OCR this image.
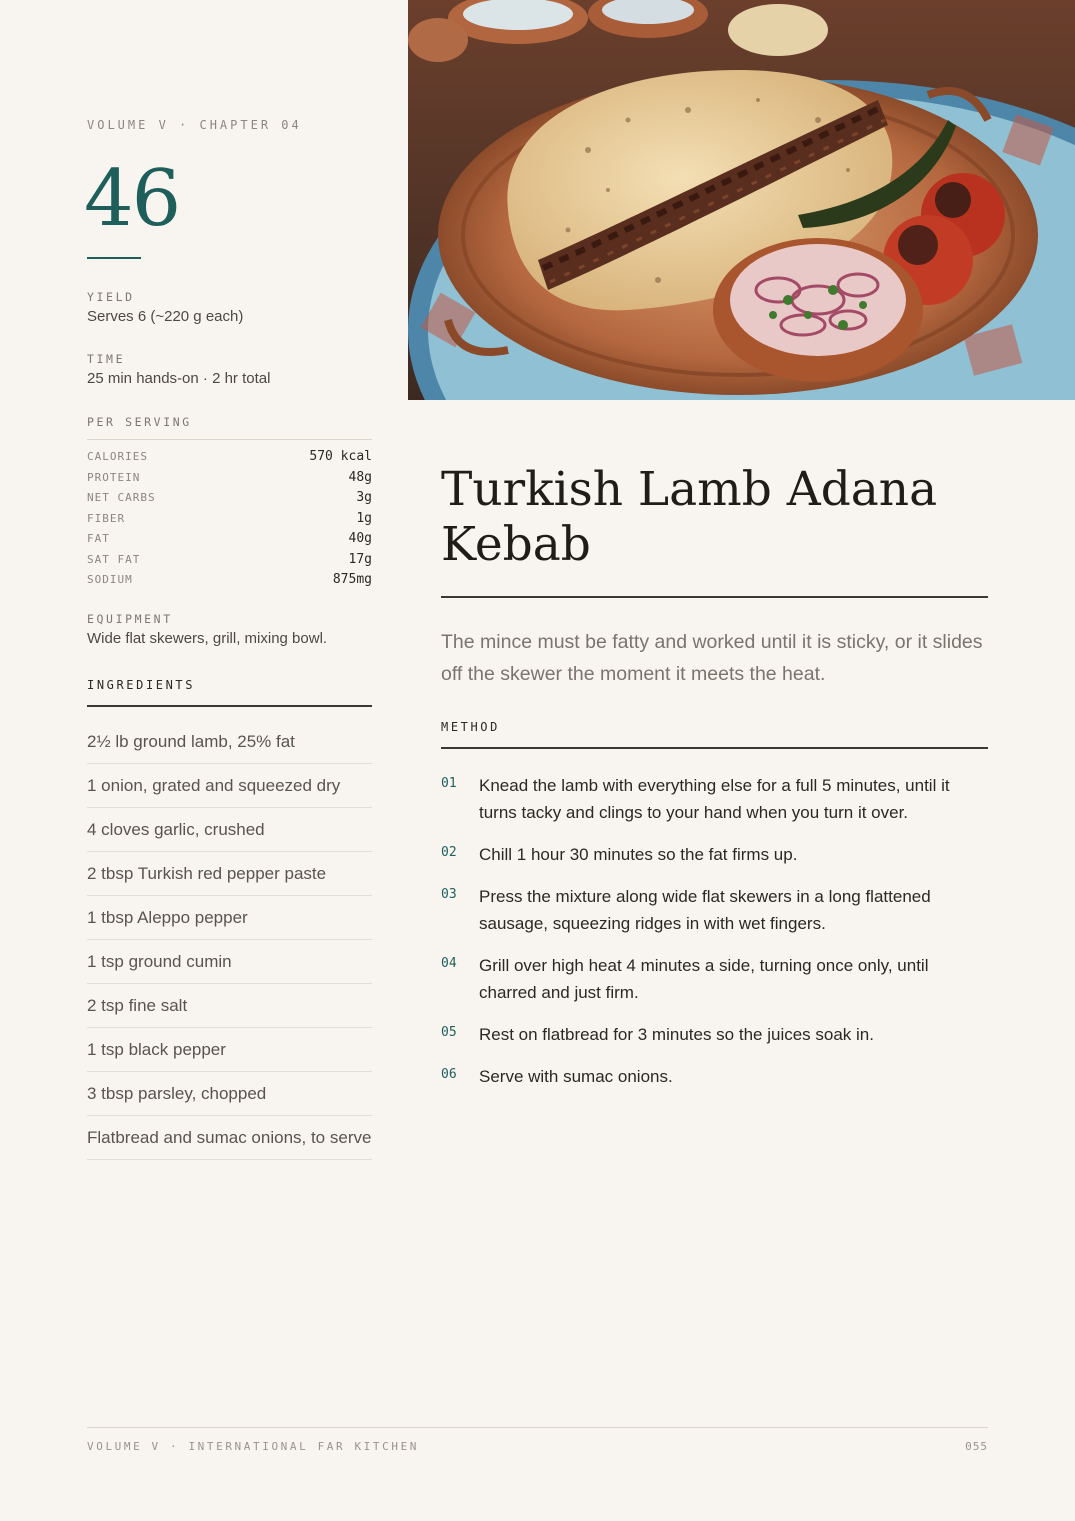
VOLUME V · CHAPTER 04
46
YIELD
Serves 6 (~220 g each)
TIME
25 min hands-on · 2 hr total
PER SERVING
CALORIES	570 kcal
PROTEIN	48g
NET CARBS	3g
FIBER	1g
FAT	40g
SAT FAT	17g
SODIUM	875mg
EQUIPMENT
Wide flat skewers, grill, mixing bowl.
INGREDIENTS
2½ lb ground lamb, 25% fat
1 onion, grated and squeezed dry
4 cloves garlic, crushed
2 tbsp Turkish red pepper paste
1 tbsp Aleppo pepper
1 tsp ground cumin
2 tsp fine salt
1 tsp black pepper
3 tbsp parsley, chopped
Flatbread and sumac onions, to serve
Turkish Lamb Adana Kebab

The mince must be fatty and worked until it is sticky, or it slides off the skewer the moment it meets the heat.

METHOD
01	Knead the lamb with everything else for a full 5 minutes, until it turns tacky and clings to your hand when you turn it over.
02	Chill 1 hour 30 minutes so the fat firms up.
03	Press the mixture along wide flat skewers in a long flattened sausage, squeezing ridges in with wet fingers.
04	Grill over high heat 4 minutes a side, turning once only, until charred and just firm.
05	Rest on flatbread for 3 minutes so the juices soak in.
06	Serve with sumac onions.
VOLUME V · INTERNATIONAL FAR KITCHEN	055
